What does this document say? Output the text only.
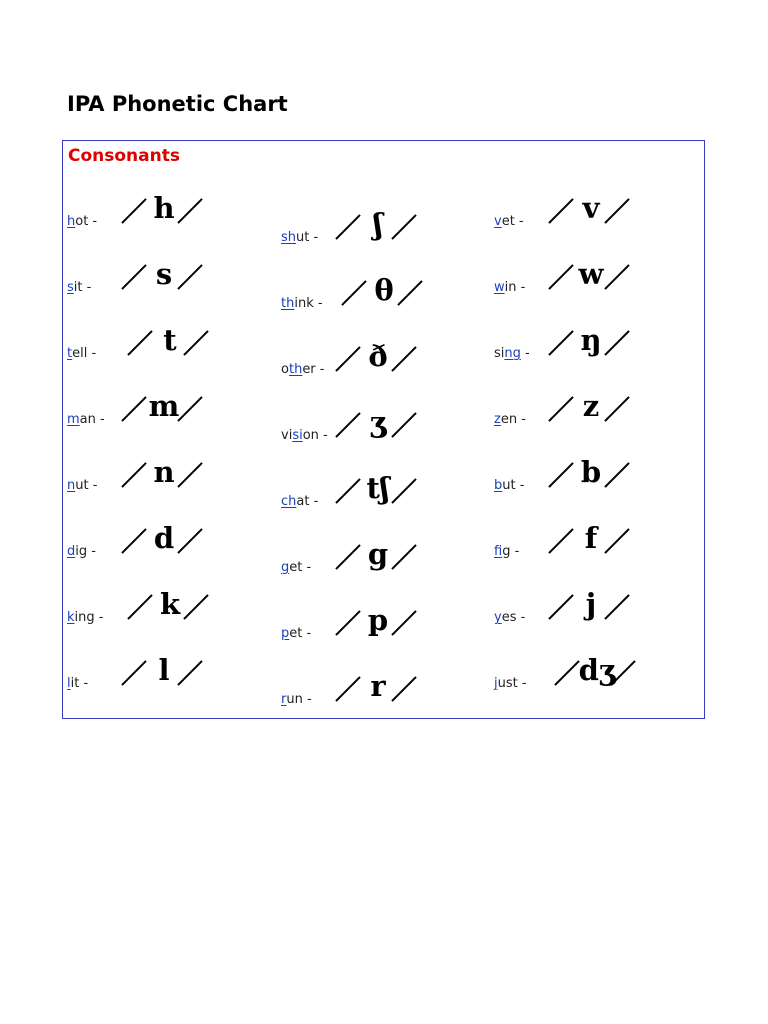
IPA Phonetic Chart
Consonants
hot -	h
sit -	s
tell -	t
man - m
nut -	n
dig -	d
king -	k
lit -	l
shut -	ʃ
think -	θ
other -	ð
vision -	ʒ
chat -	tʃ
get -	g
pet -	p
run -	r
vet -	v
win -	w
sing -	ŋ
zen -	z
but -	b
fig -	f
yes -	j
just - dʒ
